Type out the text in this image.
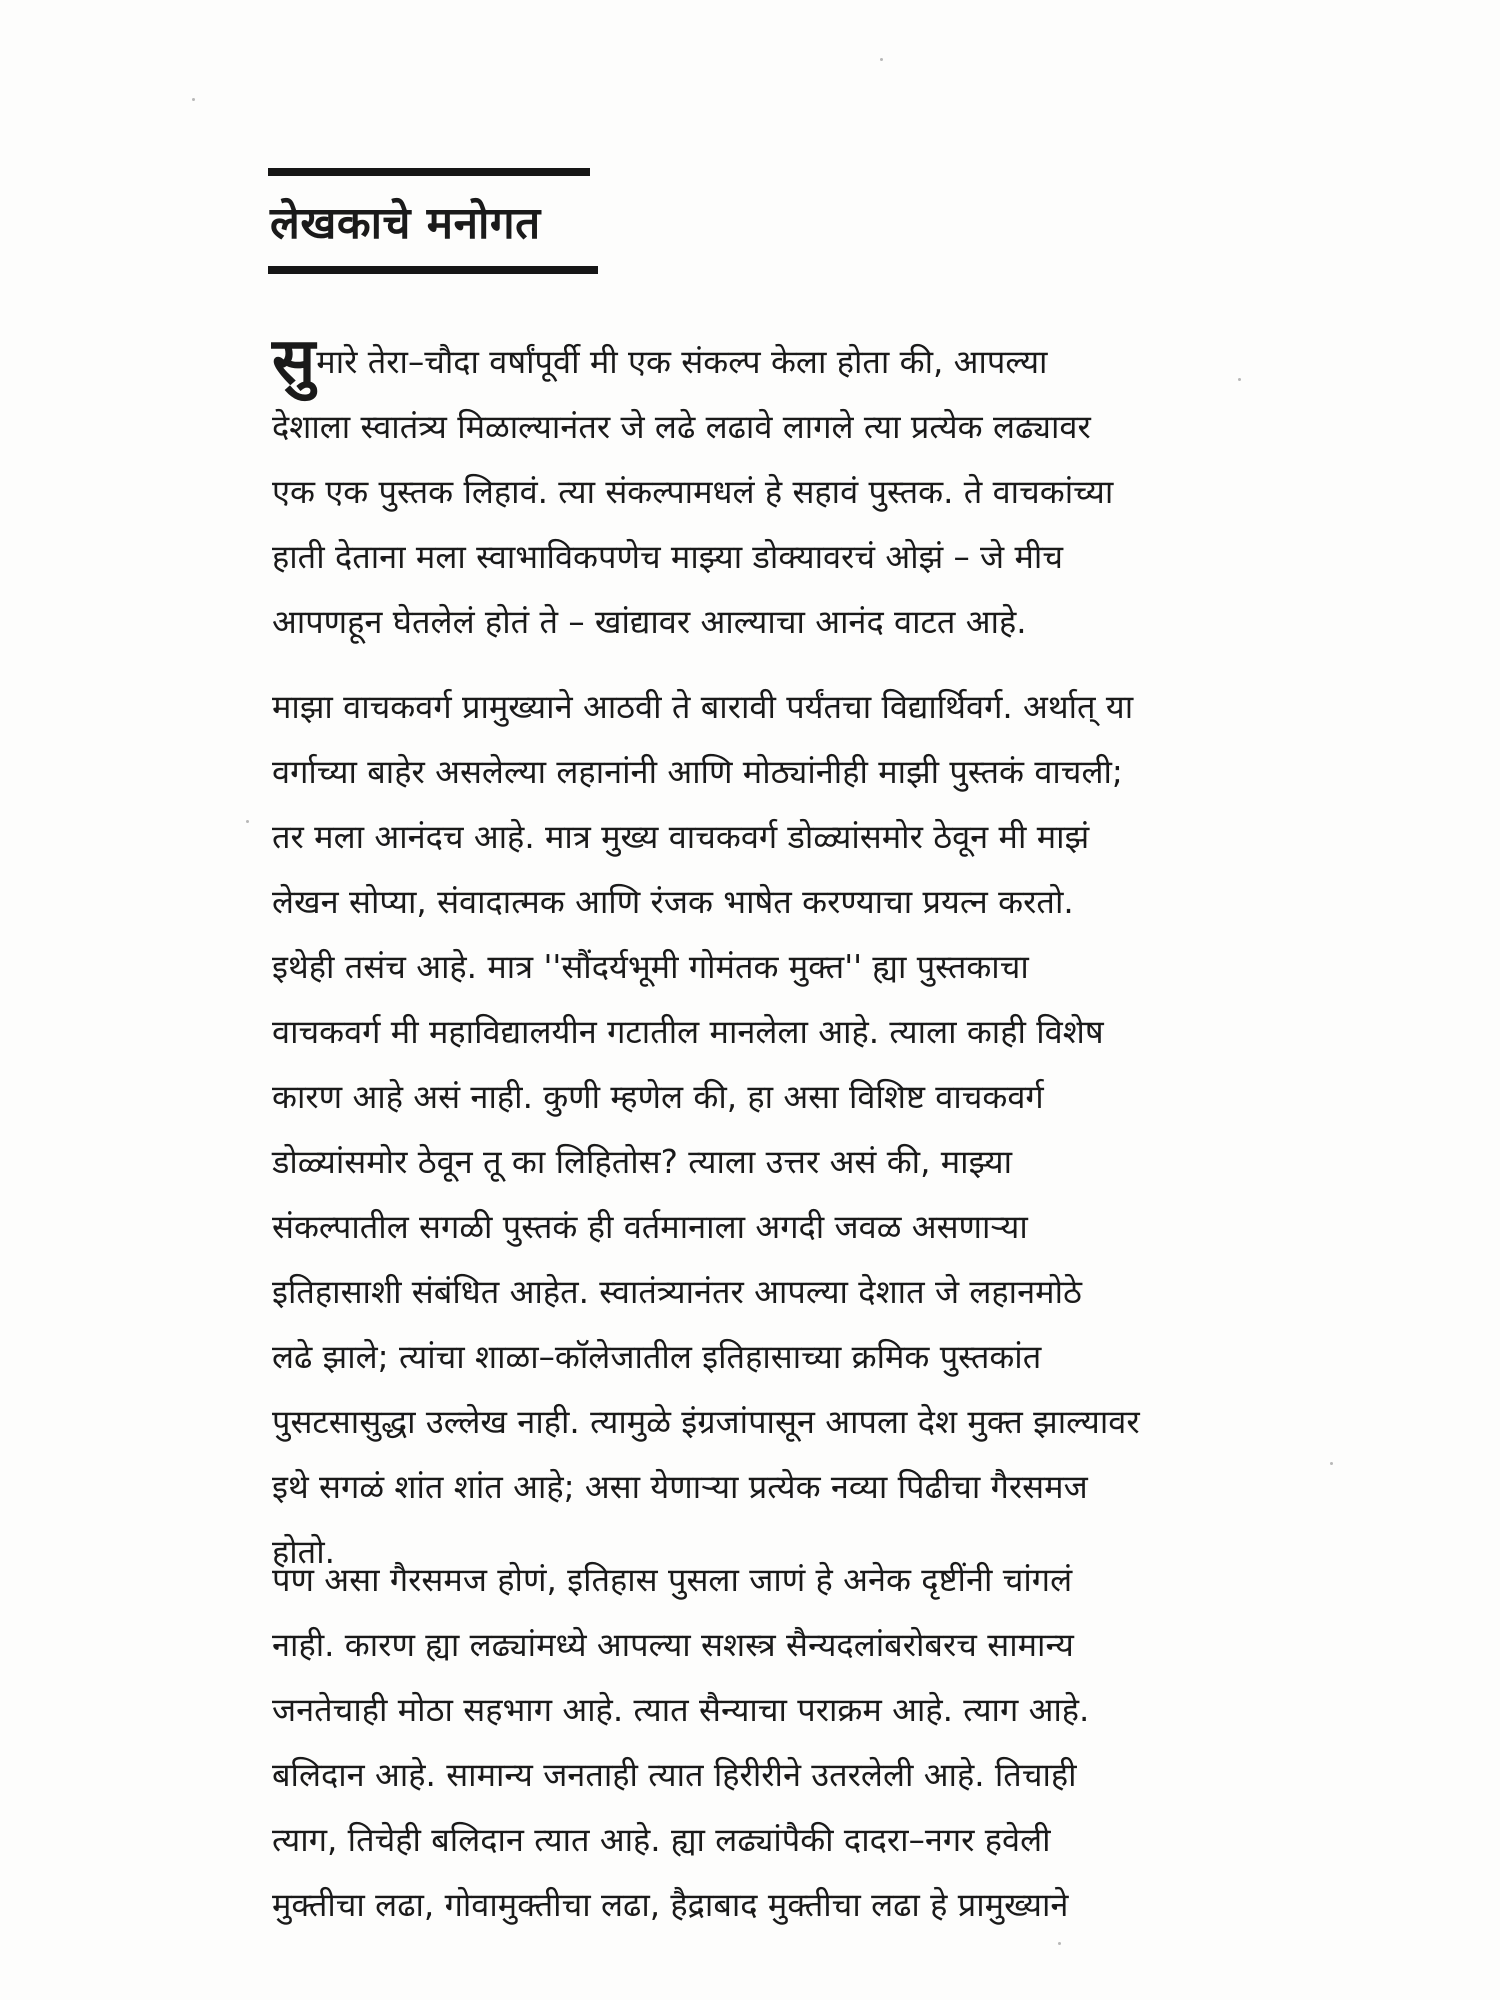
लेखकाचे मनोगत

सुमारे तेरा–चौदा वर्षांपूर्वी मी एक संकल्प केला होता की, आपल्या
देशाला स्वातंत्र्य मिळाल्यानंतर जे लढे लढावे लागले त्या प्रत्येक लढ्यावर
एक एक पुस्तक लिहावं. त्या संकल्पामधलं हे सहावं पुस्तक. ते वाचकांच्या
हाती देताना मला स्वाभाविकपणेच माझ्या डोक्यावरचं ओझं – जे मीच
आपणहून घेतलेलं होतं ते – खांद्यावर आल्याचा आनंद वाटत आहे.

माझा वाचकवर्ग प्रामुख्याने आठवी ते बारावी पर्यंतचा विद्यार्थिवर्ग. अर्थात् या
वर्गाच्या बाहेर असलेल्या लहानांनी आणि मोठ्यांनीही माझी पुस्तकं वाचली;
तर मला आनंदच आहे. मात्र मुख्य वाचकवर्ग डोळ्यांसमोर ठेवून मी माझं
लेखन सोप्या, संवादात्मक आणि रंजक भाषेत करण्याचा प्रयत्न करतो.
इथेही तसंच आहे. मात्र ''सौंदर्यभूमी गोमंतक मुक्त'' ह्या पुस्तकाचा
वाचकवर्ग मी महाविद्यालयीन गटातील मानलेला आहे. त्याला काही विशेष
कारण आहे असं नाही. कुणी म्हणेल की, हा असा विशिष्ट वाचकवर्ग
डोळ्यांसमोर ठेवून तू का लिहितोस? त्याला उत्तर असं की, माझ्या
संकल्पातील सगळी पुस्तकं ही वर्तमानाला अगदी जवळ असणाऱ्या
इतिहासाशी संबंधित आहेत. स्वातंत्र्यानंतर आपल्या देशात जे लहानमोठे
लढे झाले; त्यांचा शाळा–कॉलेजातील इतिहासाच्या क्रमिक पुस्तकांत
पुसटसासुद्धा उल्लेख नाही. त्यामुळे इंग्रजांपासून आपला देश मुक्त झाल्यावर
इथे सगळं शांत शांत आहे; असा येणाऱ्या प्रत्येक नव्या पिढीचा गैरसमज
होतो.

पण असा गैरसमज होणं, इतिहास पुसला जाणं हे अनेक दृष्टींनी चांगलं
नाही. कारण ह्या लढ्यांमध्ये आपल्या सशस्त्र सैन्यदलांबरोबरच सामान्य
जनतेचाही मोठा सहभाग आहे. त्यात सैन्याचा पराक्रम आहे. त्याग आहे.
बलिदान आहे. सामान्य जनताही त्यात हिरीरीने उतरलेली आहे. तिचाही
त्याग, तिचेही बलिदान त्यात आहे. ह्या लढ्यांपैकी दादरा–नगर हवेली
मुक्तीचा लढा, गोवामुक्तीचा लढा, हैद्राबाद मुक्तीचा लढा हे प्रामुख्याने
